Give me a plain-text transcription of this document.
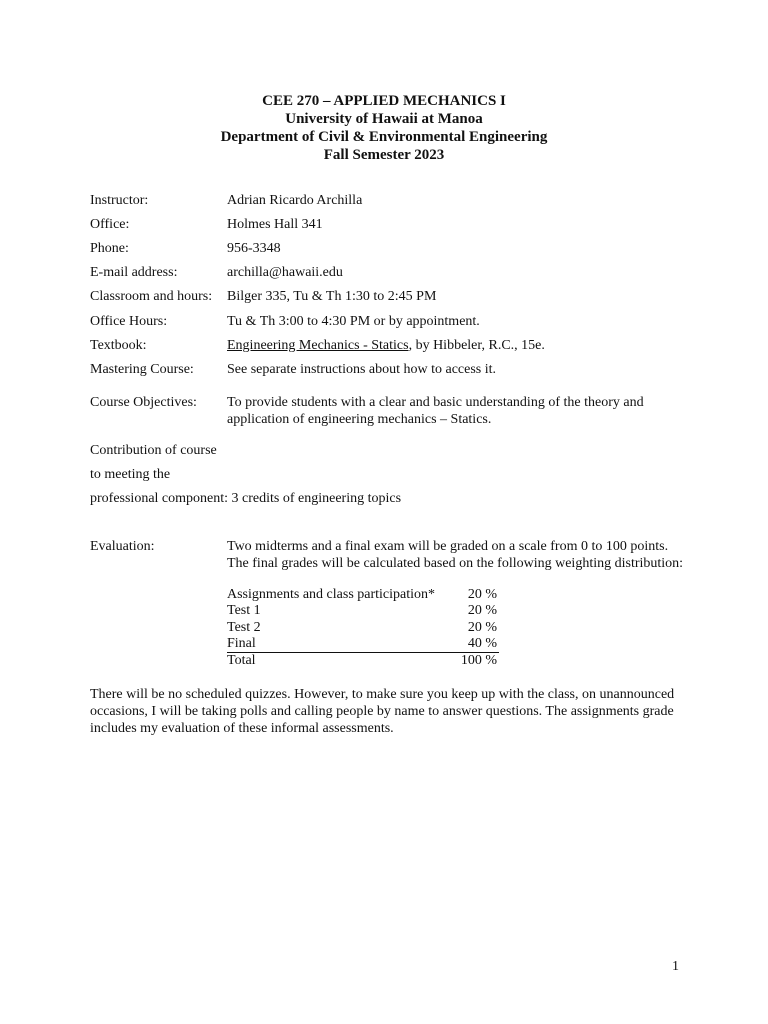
CEE 270 – APPLIED MECHANICS I
University of Hawaii at Manoa
Department of Civil & Environmental Engineering
Fall Semester 2023
Instructor:	Adrian Ricardo Archilla
Office:	Holmes Hall 341
Phone:	956-3348
E-mail address:	archilla@hawaii.edu
Classroom and hours: Bilger 335, Tu & Th 1:30 to 2:45 PM
Office Hours:	Tu & Th 3:00 to 4:30 PM or by appointment.
Textbook:	Engineering Mechanics - Statics, by Hibbeler, R.C., 15e.
Mastering Course: See separate instructions about how to access it.
Course Objectives: To provide students with a clear and basic understanding of the theory and application of engineering mechanics – Statics.
Contribution of course
to meeting the
professional component: 3 credits of engineering topics
Evaluation:	Two midterms and a final exam will be graded on a scale from 0 to 100 points. The final grades will be calculated based on the following weighting distribution:
Assignments and class participation* 20 %
Test 1	20 %
Test 2	20 %
Final	40 %
Total	100 %
There will be no scheduled quizzes. However, to make sure you keep up with the class, on unannounced occasions, I will be taking polls and calling people by name to answer questions. The assignments grade includes my evaluation of these informal assessments.
1
